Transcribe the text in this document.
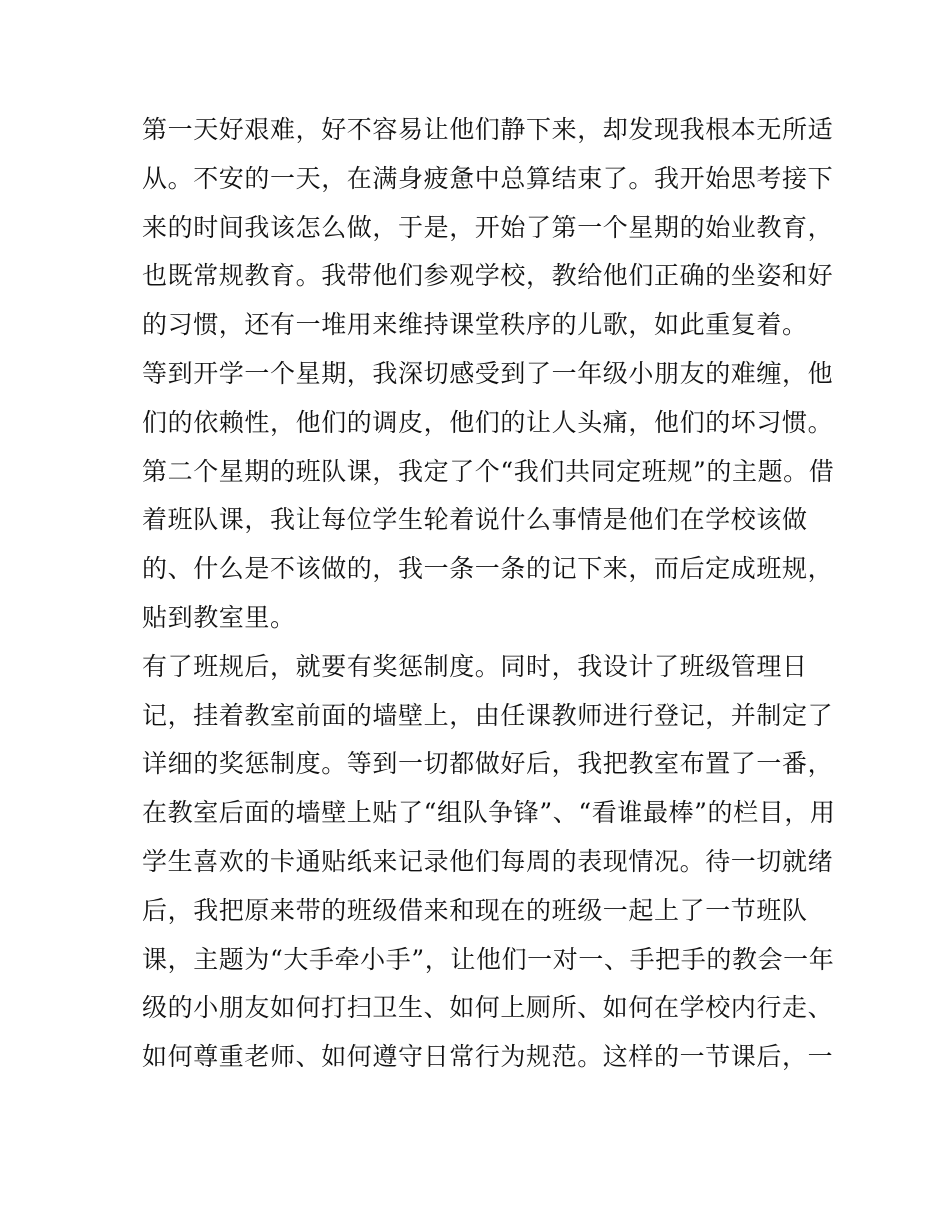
第一天好艰难，好不容易让他们静下来，却发现我根本无所适
从。不安的一天，在满身疲惫中总算结束了。我开始思考接下
来的时间我该怎么做，于是，开始了第一个星期的始业教育，
也既常规教育。我带他们参观学校，教给他们正确的坐姿和好
的习惯，还有一堆用来维持课堂秩序的儿歌，如此重复着。
等到开学一个星期，我深切感受到了一年级小朋友的难缠，他
们的依赖性，他们的调皮，他们的让人头痛，他们的坏习惯。
第二个星期的班队课，我定了个“我们共同定班规”的主题。借
着班队课，我让每位学生轮着说什么事情是他们在学校该做
的、什么是不该做的，我一条一条的记下来，而后定成班规，
贴到教室里。
有了班规后，就要有奖惩制度。同时，我设计了班级管理日
记，挂着教室前面的墙壁上，由任课教师进行登记，并制定了
详细的奖惩制度。等到一切都做好后，我把教室布置了一番，
在教室后面的墙壁上贴了“组队争锋”、“看谁最棒”的栏目，用
学生喜欢的卡通贴纸来记录他们每周的表现情况。待一切就绪
后，我把原来带的班级借来和现在的班级一起上了一节班队
课，主题为“大手牵小手”，让他们一对一、手把手的教会一年
级的小朋友如何打扫卫生、如何上厕所、如何在学校内行走、
如何尊重老师、如何遵守日常行为规范。这样的一节课后，一
